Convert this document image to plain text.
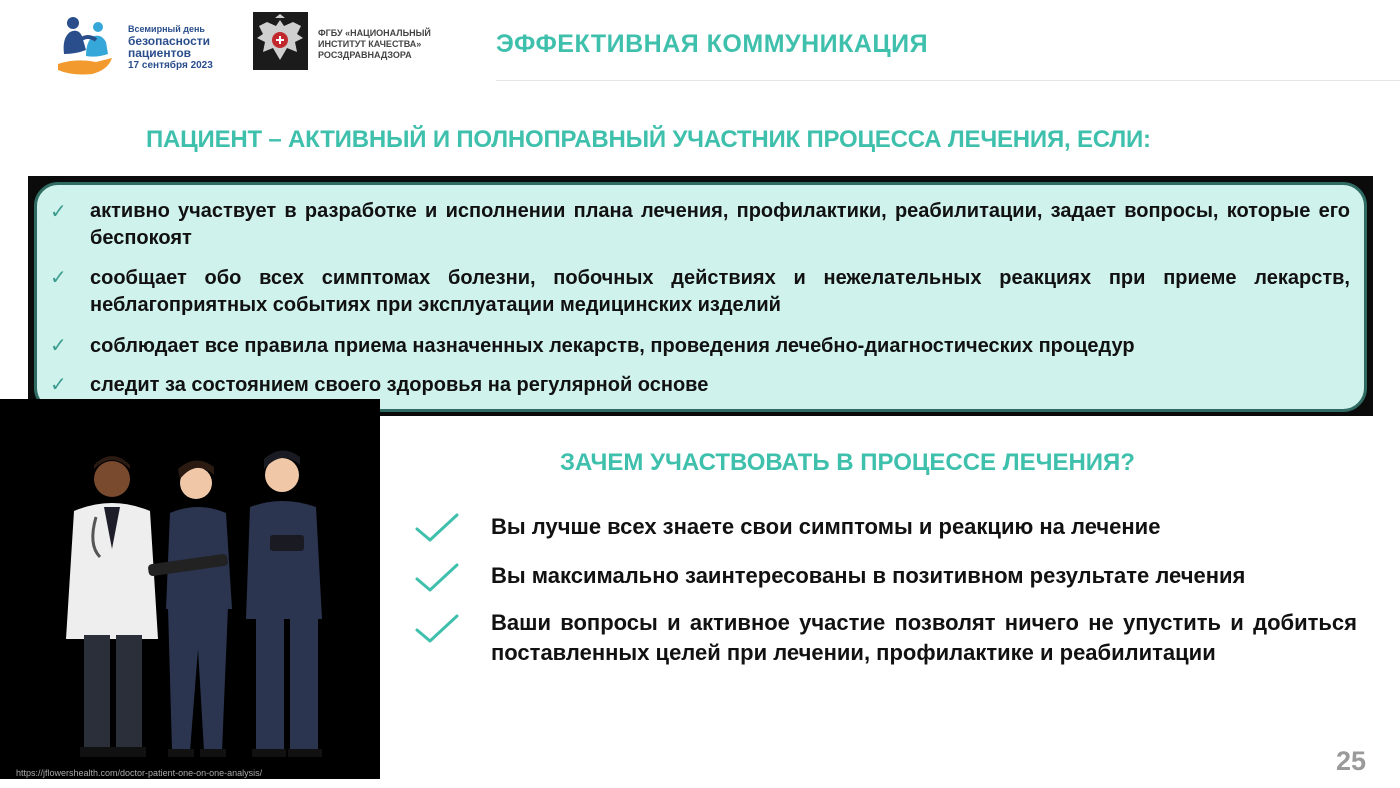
Всемирный день
безопасности
пациентов
17 сентября 2023
ФГБУ «НАЦИОНАЛЬНЫЙ
ИНСТИТУТ КАЧЕСТВА»
РОСЗДРАВНАДЗОРА	ЭФФЕКТИВНАЯ КОММУНИКАЦИЯ
ПАЦИЕНТ – АКТИВНЫЙ И ПОЛНОПРАВНЫЙ УЧАСТНИК ПРОЦЕССА ЛЕЧЕНИЯ, ЕСЛИ:
✓ активно участвует в разработке и исполнении плана лечения, профилактики, реабилитации, задает вопросы, которые его беспокоят
✓ сообщает обо всех симптомах болезни, побочных действиях и нежелательных реакциях при приеме лекарств, неблагоприятных событиях при эксплуатации медицинских изделий
✓ соблюдает все правила приема назначенных лекарств, проведения лечебно-диагностических процедур
✓ следит за состоянием своего здоровья на регулярной основе
https://jflowershealth.com/doctor-patient-one-on-one-analysis/
ЗАЧЕМ УЧАСТВОВАТЬ В ПРОЦЕССЕ ЛЕЧЕНИЯ?
Вы лучше всех знаете свои симптомы и реакцию на лечение
Вы максимально заинтересованы в позитивном результате лечения
Ваши вопросы и активное участие позволят ничего не упустить и добиться поставленных целей при лечении, профилактике и реабилитации
25
